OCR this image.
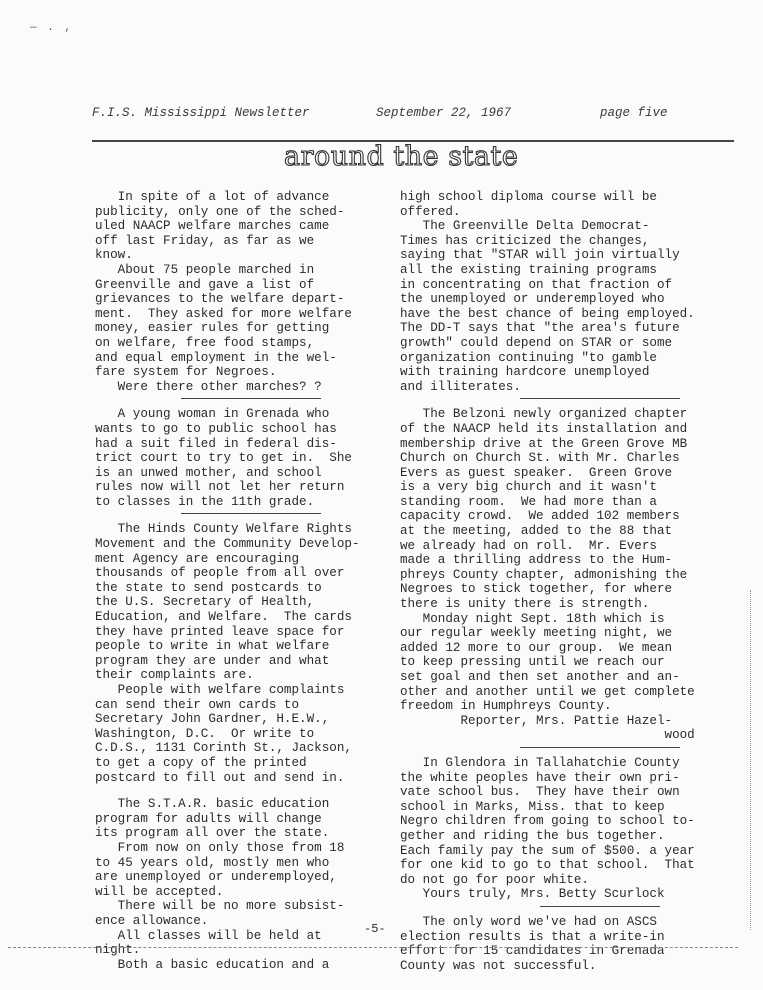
— . ,
F.I.S. Mississippi Newsletter	September 22, 1967	page five
around the state

In spite of a lot of advance
publicity, only one of the sched-
uled NAACP welfare marches came
off last Friday, as far as we
know.
About 75 people marched in
Greenville and gave a list of
grievances to the welfare depart-
ment.  They asked for more welfare
money, easier rules for getting
on welfare, free food stamps,
and equal employment in the wel-
fare system for Negroes.
Were there other marches? ?

A young woman in Grenada who
wants to go to public school has
had a suit filed in federal dis-
trict court to try to get in.  She
is an unwed mother, and school
rules now will not let her return
to classes in the 11th grade.

The Hinds County Welfare Rights
Movement and the Community Develop-
ment Agency are encouraging
thousands of people from all over
the state to send postcards to
the U.S. Secretary of Health,
Education, and Welfare.  The cards
they have printed leave space for
people to write in what welfare
program they are under and what
their complaints are.
People with welfare complaints
can send their own cards to
Secretary John Gardner, H.E.W.,
Washington, D.C.  Or write to
C.D.S., 1131 Corinth St., Jackson,
to get a copy of the printed
postcard to fill out and send in.

The S.T.A.R. basic education
program for adults will change
its program all over the state.
From now on only those from 18
to 45 years old, mostly men who
are unemployed or underemployed,
will be accepted.
There will be no more subsist-
ence allowance.
All classes will be held at
night.
Both a basic education and a

high school diploma course will be
offered.
The Greenville Delta Democrat-
Times has criticized the changes,
saying that "STAR will join virtually
all the existing training programs
in concentrating on that fraction of
the unemployed or underemployed who
have the best chance of being employed.
The DD-T says that "the area's future
growth" could depend on STAR or some
organization continuing "to gamble
with training hardcore unemployed
and illiterates.

The Belzoni newly organized chapter
of the NAACP held its installation and
membership drive at the Green Grove MB
Church on Church St. with Mr. Charles
Evers as guest speaker.  Green Grove
is a very big church and it wasn't
standing room.  We had more than a
capacity crowd.  We added 102 members
at the meeting, added to the 88 that
we already had on roll.  Mr. Evers
made a thrilling address to the Hum-
phreys County chapter, admonishing the
Negroes to stick together, for where
there is unity there is strength.
Monday night Sept. 18th which is
our regular weekly meeting night, we
added 12 more to our group.  We mean
to keep pressing until we reach our
set goal and then set another and an-
other and another until we get complete
freedom in Humphreys County.
Reporter, Mrs. Pattie Hazel-
wood

In Glendora in Tallahatchie County
the white peoples have their own pri-
vate school bus.  They have their own
school in Marks, Miss. that to keep
Negro children from going to school to-
gether and riding the bus together.
Each family pay the sum of $500. a year
for one kid to go to that school.  That
do not go for poor white.
Yours truly, Mrs. Betty Scurlock

The only word we've had on ASCS
election results is that a write-in
effort for 15 candidates in Grenada
County was not successful.

-5-
